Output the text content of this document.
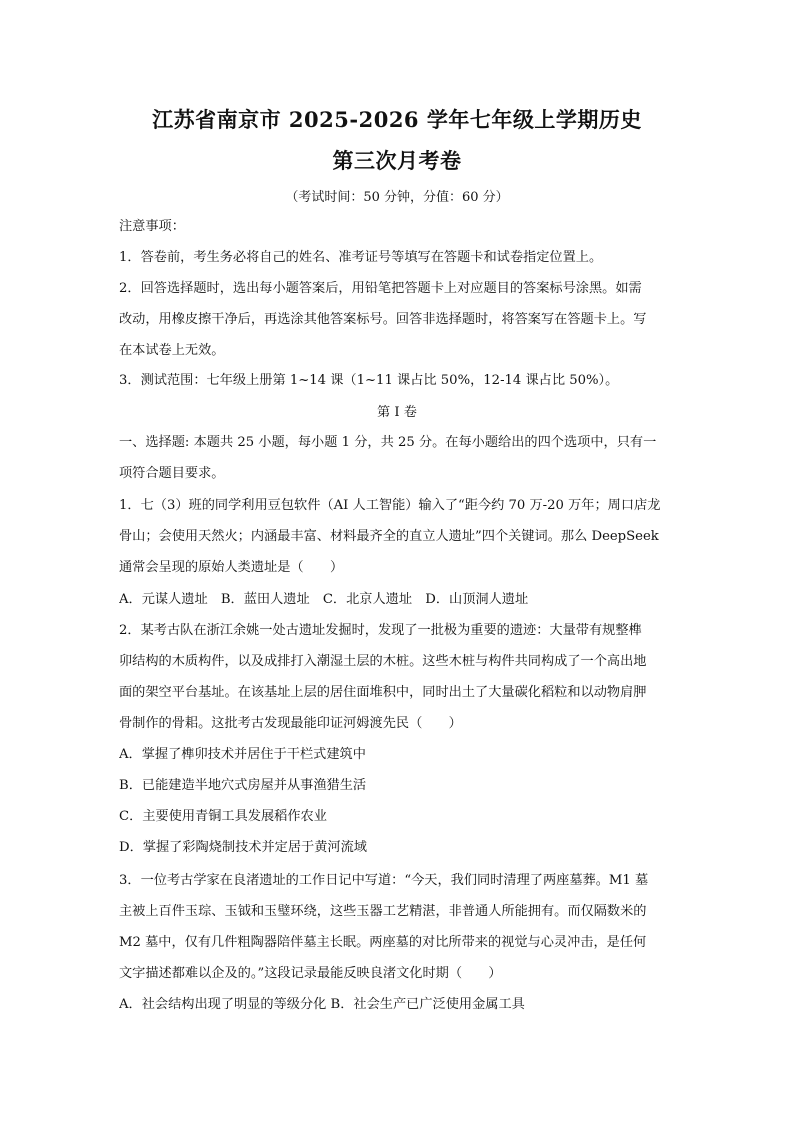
江苏省南京市 2025-2026 学年七年级上学期历史
第三次月考卷
（考试时间：50 分钟，分值：60 分）
注意事项：
1．答卷前，考生务必将自己的姓名、准考证号等填写在答题卡和试卷指定位置上。
2．回答选择题时，选出每小题答案后，用铅笔把答题卡上对应题目的答案标号涂黑。如需
改动，用橡皮擦干净后，再选涂其他答案标号。回答非选择题时，将答案写在答题卡上。写
在本试卷上无效。
3．测试范围：七年级上册第 1~14 课（1~11 课占比 50%，12-14 课占比 50%）。
第 I 卷
一、选择题: 本题共 25 小题，每小题 1 分，共 25 分。在每小题给出的四个选项中，只有一
项符合题目要求。
1．七（3）班的同学利用豆包软件（AI 人工智能）输入了“距今约 70 万-20 万年；周口店龙
骨山；会使用天然火；内涵最丰富、材料最齐全的直立人遗址”四个关键词。那么 DeepSeek
通常会呈现的原始人类遗址是（　　）
A．元谋人遗址　B．蓝田人遗址　C．北京人遗址　D．山顶洞人遗址
2．某考古队在浙江余姚一处古遗址发掘时，发现了一批极为重要的遗迹：大量带有规整榫
卯结构的木质构件，以及成排打入潮湿土层的木桩。这些木桩与构件共同构成了一个高出地
面的架空平台基址。在该基址上层的居住面堆积中，同时出土了大量碳化稻粒和以动物肩胛
骨制作的骨耜。这批考古发现最能印证河姆渡先民（　　）
A．掌握了榫卯技术并居住于干栏式建筑中
B．已能建造半地穴式房屋并从事渔猎生活
C．主要使用青铜工具发展稻作农业
D．掌握了彩陶烧制技术并定居于黄河流域
3．一位考古学家在良渚遗址的工作日记中写道：“今天，我们同时清理了两座墓葬。M1 墓
主被上百件玉琮、玉钺和玉璧环绕，这些玉器工艺精湛，非普通人所能拥有。而仅隔数米的
M2 墓中，仅有几件粗陶器陪伴墓主长眠。两座墓的对比所带来的视觉与心灵冲击，是任何
文字描述都难以企及的。”这段记录最能反映良渚文化时期（　　）
A．社会结构出现了明显的等级分化 B．社会生产已广泛使用金属工具
